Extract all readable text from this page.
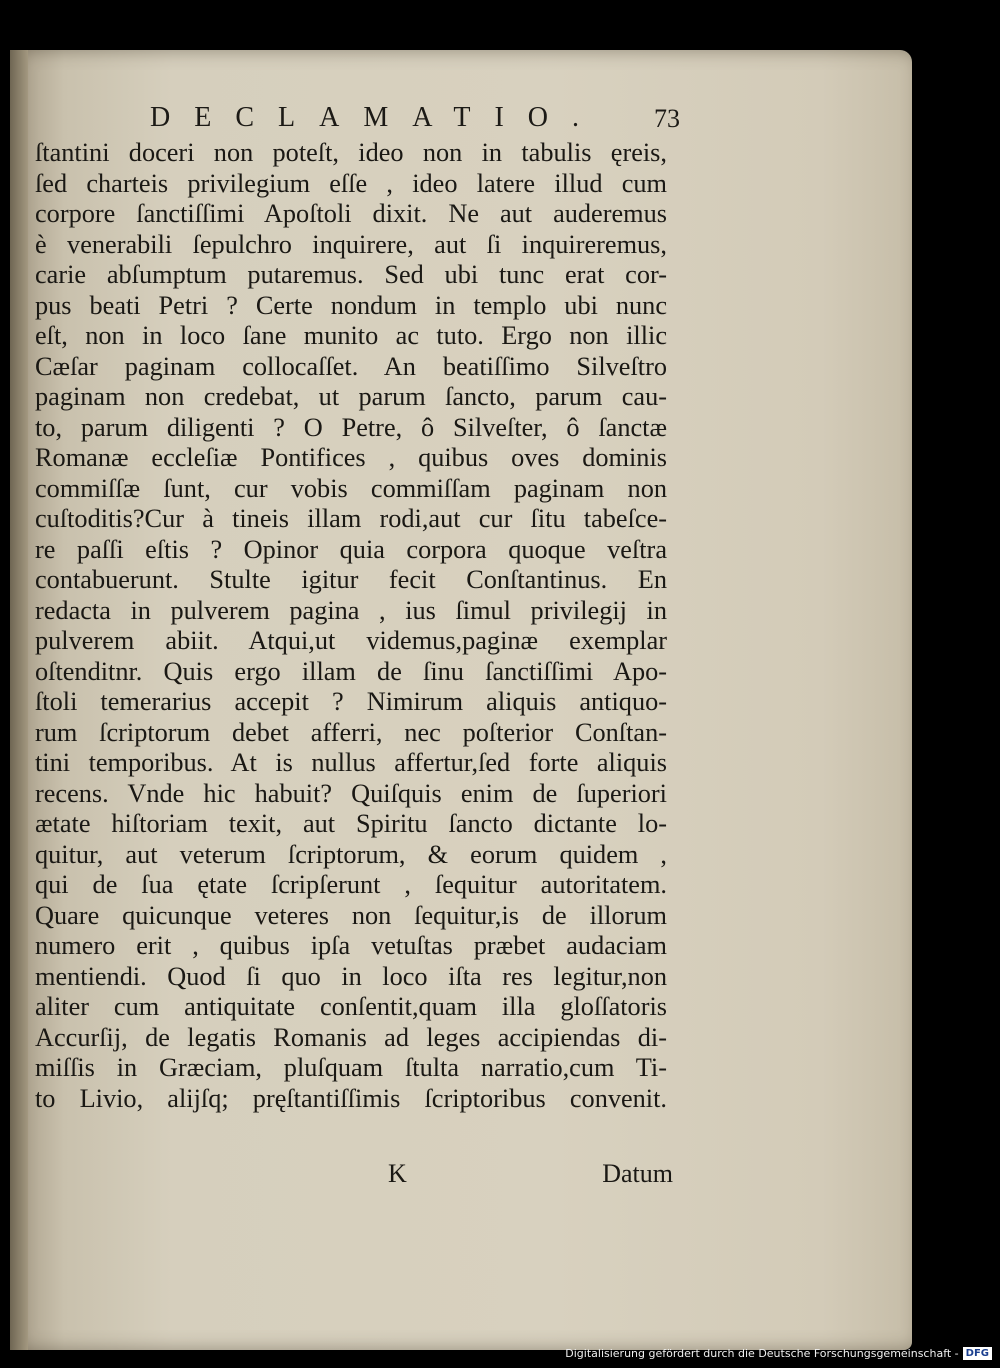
DECLAMATIO. 73
ſtantini doceri non poteſt, ideo non in tabulis ęreis,
ſed charteis privilegium eſſe , ideo latere illud cum
corpore ſanctiſſimi Apoſtoli dixit. Ne aut auderemus
è venerabili ſepulchro inquirere, aut ſi inquireremus,
carie abſumptum putaremus. Sed ubi tunc erat cor-
pus beati Petri ? Certe nondum in templo ubi nunc
eſt, non in loco ſane munito ac tuto. Ergo non illic
Cæſar paginam collocaſſet. An beatiſſimo Silveſtro
paginam non credebat, ut parum ſancto, parum cau-
to, parum diligenti ? O Petre, ô Silveſter, ô ſanctæ
Romanæ eccleſiæ Pontifices , quibus oves dominis
commiſſæ ſunt, cur vobis commiſſam paginam non
cuſtoditis?Cur à tineis illam rodi,aut cur ſitu tabeſce-
re paſſi eſtis ? Opinor quia corpora quoque veſtra
contabuerunt. Stulte igitur fecit Conſtantinus. En
redacta in pulverem pagina , ius ſimul privilegij in
pulverem abiit. Atqui,ut videmus,paginæ exemplar
oſtenditnr. Quis ergo illam de ſinu ſanctiſſimi Apo-
ſtoli temerarius accepit ? Nimirum aliquis antiquo-
rum ſcriptorum debet afferri, nec poſterior Conſtan-
tini temporibus. At is nullus affertur,ſed forte aliquis
recens. Vnde hic habuit? Quiſquis enim de ſuperiori
ætate hiſtoriam texit, aut Spiritu ſancto dictante lo-
quitur, aut veterum ſcriptorum, & eorum quidem ,
qui de ſua ętate ſcripſerunt , ſequitur autoritatem.
Quare quicunque veteres non ſequitur,is de illorum
numero erit , quibus ipſa vetuſtas præbet audaciam
mentiendi. Quod ſi quo in loco iſta res legitur,non
aliter cum antiquitate conſentit,quam illa gloſſatoris
Accurſij, de legatis Romanis ad leges accipiendas di-
miſſis in Græciam, pluſquam ſtulta narratio,cum Ti-
to Livio, alijſq; pręſtantiſſimis ſcriptoribus convenit.
K	Datum
Digitalisierung gefördert durch die Deutsche Forschungsgemeinschaft - DFG
